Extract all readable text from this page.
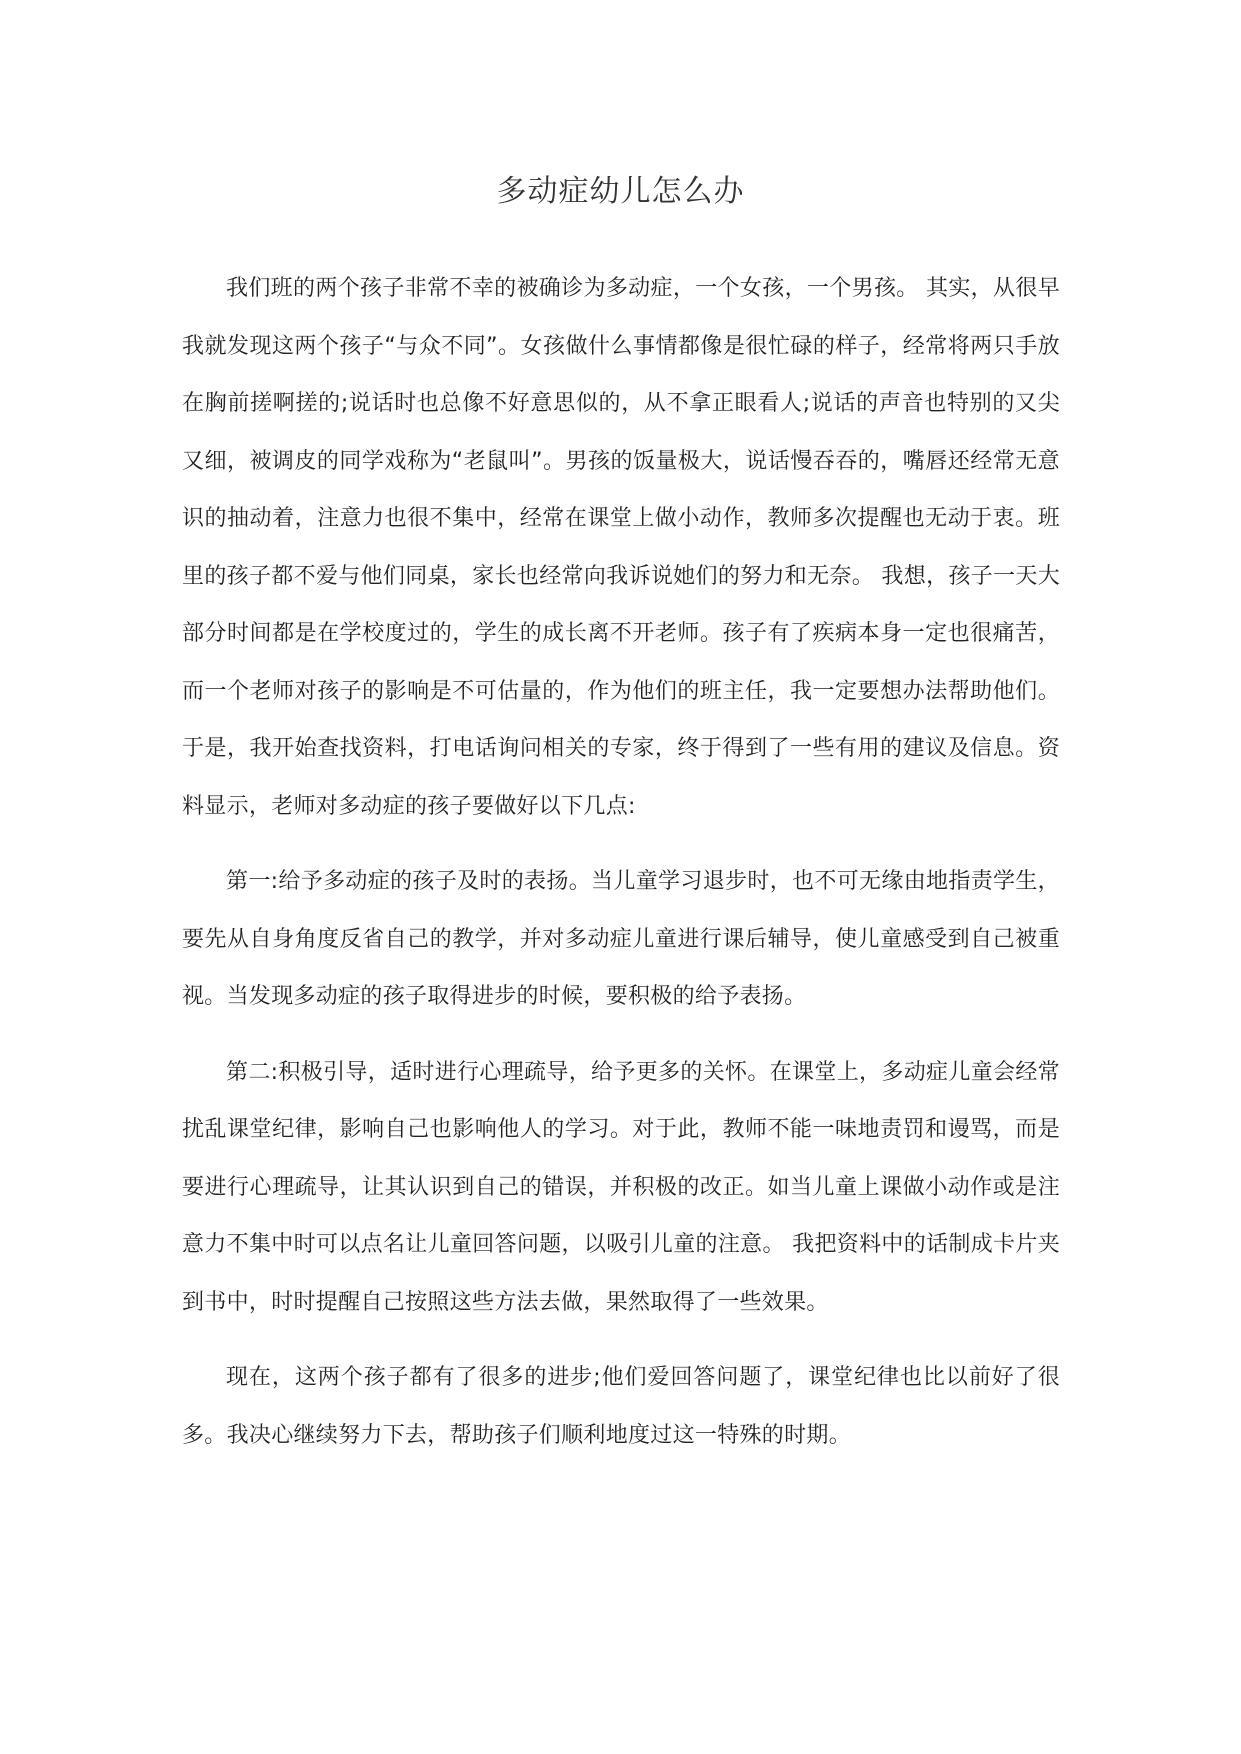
多动症幼儿怎么办

我们班的两个孩子非常不幸的被确诊为多动症，一个女孩，一个男孩。 其实，从很早我就发现这两个孩子“与众不同”。女孩做什么事情都像是很忙碌的样子，经常将两只手放在胸前搓啊搓的;说话时也总像不好意思似的，从不拿正眼看人;说话的声音也特别的又尖又细，被调皮的同学戏称为“老鼠叫”。男孩的饭量极大，说话慢吞吞的，嘴唇还经常无意识的抽动着，注意力也很不集中，经常在课堂上做小动作，教师多次提醒也无动于衷。班里的孩子都不爱与他们同桌，家长也经常向我诉说她们的努力和无奈。 我想，孩子一天大部分时间都是在学校度过的，学生的成长离不开老师。孩子有了疾病本身一定也很痛苦，而一个老师对孩子的影响是不可估量的，作为他们的班主任，我一定要想办法帮助他们。于是，我开始查找资料，打电话询问相关的专家，终于得到了一些有用的建议及信息。资料显示，老师对多动症的孩子要做好以下几点:

第一:给予多动症的孩子及时的表扬。当儿童学习退步时，也不可无缘由地指责学生，要先从自身角度反省自己的教学，并对多动症儿童进行课后辅导，使儿童感受到自己被重视。当发现多动症的孩子取得进步的时候，要积极的给予表扬。

第二:积极引导，适时进行心理疏导，给予更多的关怀。在课堂上，多动症儿童会经常扰乱课堂纪律，影响自己也影响他人的学习。对于此，教师不能一味地责罚和谩骂，而是要进行心理疏导，让其认识到自己的错误，并积极的改正。如当儿童上课做小动作或是注意力不集中时可以点名让儿童回答问题，以吸引儿童的注意。 我把资料中的话制成卡片夹到书中，时时提醒自己按照这些方法去做，果然取得了一些效果。

现在，这两个孩子都有了很多的进步;他们爱回答问题了，课堂纪律也比以前好了很多。我决心继续努力下去，帮助孩子们顺利地度过这一特殊的时期。
